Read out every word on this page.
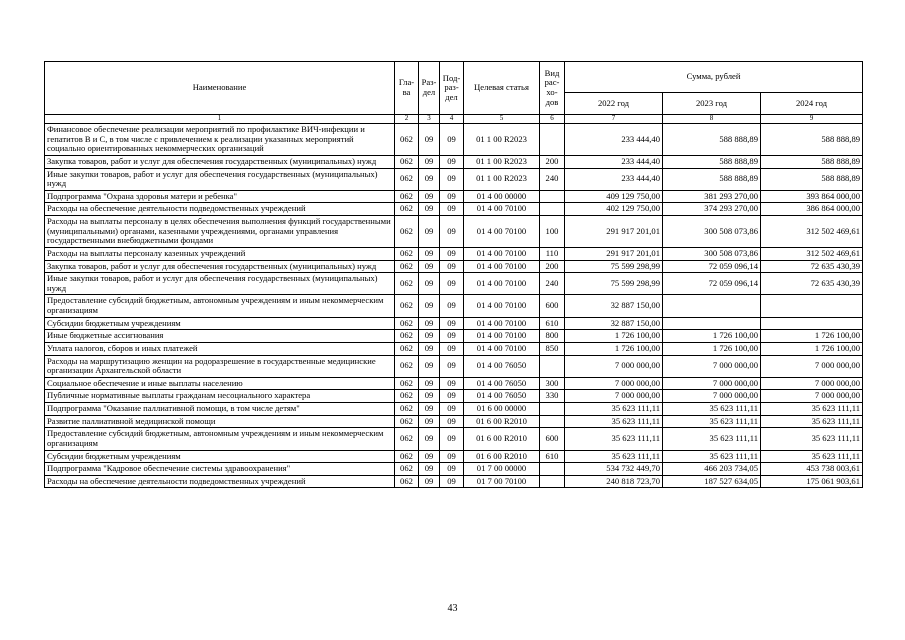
Наименование	Гла-ва	Раз-дел	Под-раз-дел	Целевая статья	Вид рас-хо-дов	Сумма, рублей		
						2022 год	2023 год	2024 год
1	2	3	4	5	6	7	8	9
Финансовое обеспечение реализации мероприятий по профилактике ВИЧ-инфекции и гепатитов В и С, в том числе с привлечением к реализации указанных мероприятий социально ориентированных некоммерческих организаций	062	09	09	01 1 00 R2023		233 444,40	588 888,89	588 888,89
Закупка товаров, работ и услуг для обеспечения государственных (муниципальных) нужд	062	09	09	01 1 00 R2023	200	233 444,40	588 888,89	588 888,89
Иные закупки товаров, работ и услуг для обеспечения государственных (муниципальных) нужд	062	09	09	01 1 00 R2023	240	233 444,40	588 888,89	588 888,89
Подпрограмма "Охрана здоровья матери и ребенка"	062	09	09	01 4 00 00000		409 129 750,00	381 293 270,00	393 864 000,00
Расходы на обеспечение деятельности подведомственных учреждений	062	09	09	01 4 00 70100		402 129 750,00	374 293 270,00	386 864 000,00
Расходы на выплаты персоналу в целях обеспечения выполнения функций государственными (муниципальными) органами, казенными учреждениями, органами управления государственными внебюджетными фондами	062	09	09	01 4 00 70100	100	291 917 201,01	300 508 073,86	312 502 469,61
Расходы на выплаты персоналу казенных учреждений	062	09	09	01 4 00 70100	110	291 917 201,01	300 508 073,86	312 502 469,61
Закупка товаров, работ и услуг для обеспечения государственных (муниципальных) нужд	062	09	09	01 4 00 70100	200	75 599 298,99	72 059 096,14	72 635 430,39
Иные закупки товаров, работ и услуг для обеспечения государственных (муниципальных) нужд	062	09	09	01 4 00 70100	240	75 599 298,99	72 059 096,14	72 635 430,39
Предоставление субсидий бюджетным, автономным учреждениям и иным некоммерческим организациям	062	09	09	01 4 00 70100	600	32 887 150,00		
Субсидии бюджетным учреждениям	062	09	09	01 4 00 70100	610	32 887 150,00		
Иные бюджетные ассигнования	062	09	09	01 4 00 70100	800	1 726 100,00	1 726 100,00	1 726 100,00
Уплата налогов, сборов и иных платежей	062	09	09	01 4 00 70100	850	1 726 100,00	1 726 100,00	1 726 100,00
Расходы на маршрутизацию женщин на родоразрешение в государственные медицинские организации Архангельской области	062	09	09	01 4 00 76050		7 000 000,00	7 000 000,00	7 000 000,00
Социальное обеспечение и иные выплаты населению	062	09	09	01 4 00 76050	300	7 000 000,00	7 000 000,00	7 000 000,00
Публичные нормативные выплаты гражданам несоциального характера	062	09	09	01 4 00 76050	330	7 000 000,00	7 000 000,00	7 000 000,00
Подпрограмма "Оказание паллиативной помощи, в том числе детям"	062	09	09	01 6 00 00000		35 623 111,11	35 623 111,11	35 623 111,11
Развитие паллиативной медицинской помощи	062	09	09	01 6 00 R2010		35 623 111,11	35 623 111,11	35 623 111,11
Предоставление субсидий бюджетным, автономным учреждениям и иным некоммерческим организациям	062	09	09	01 6 00 R2010	600	35 623 111,11	35 623 111,11	35 623 111,11
Субсидии бюджетным учреждениям	062	09	09	01 6 00 R2010	610	35 623 111,11	35 623 111,11	35 623 111,11
Подпрограмма "Кадровое обеспечение системы здравоохранения"	062	09	09	01 7 00 00000		534 732 449,70	466 203 734,05	453 738 003,61
Расходы на обеспечение деятельности подведомственных учреждений	062	09	09	01 7 00 70100		240 818 723,70	187 527 634,05	175 061 903,61
43
